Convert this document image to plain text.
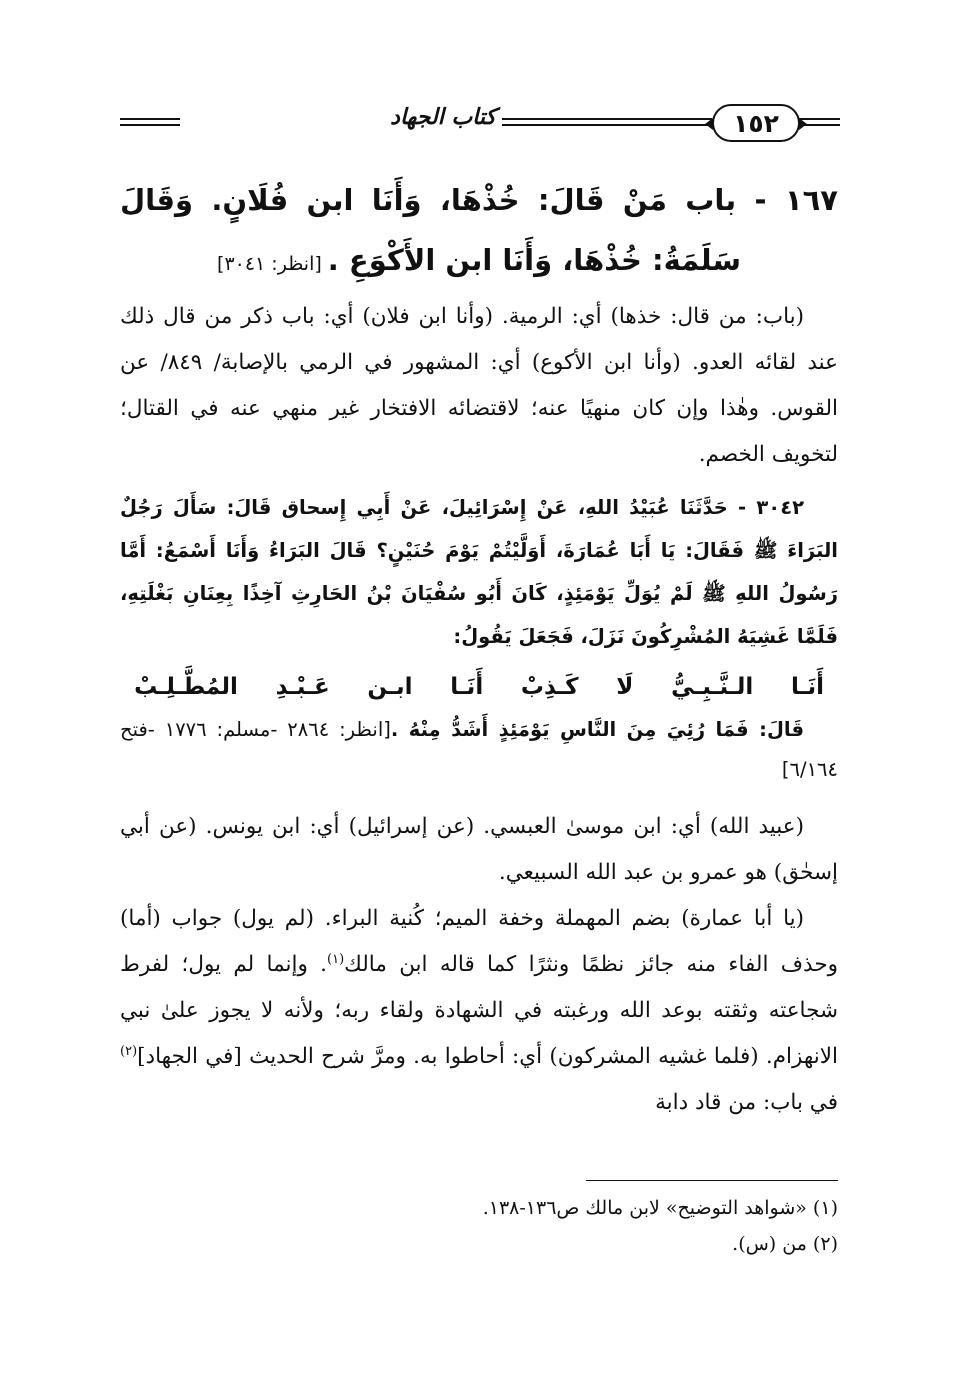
١٥٢
كتاب الجهاد

١٦٧ - باب مَنْ قَالَ: خُذْهَا، وَأَنَا ابن فُلَانٍ. وَقَالَ سَلَمَةُ: خُذْهَا، وَأَنَا ابن الأَكْوَعِ .[انظر: ٣٠٤١]

(باب: من قال: خذها) أي: الرمية. (وأنا ابن فلان) أي: باب ذكر من قال ذلك عند لقائه العدو. (وأنا ابن الأكوع) أي: المشهور في الرمي بالإصابة/ ٨٤٩/ عن القوس. وهٰذا وإن كان منهيًا عنه؛ لاقتضائه الافتخار غير منهي عنه في القتال؛ لتخويف الخصم.

٣٠٤٢ - حَدَّثَنَا عُبَيْدُ اللهِ، عَنْ إِسْرَائِيلَ، عَنْ أَبِي إِسحاق قَالَ: سَأَلَ رَجُلٌ البَرَاءَ ﷺ فَقَالَ: يَا أَبَا عُمَارَةَ، أَوَلَّيْتُمْ يَوْمَ حُنَيْنٍ؟ قَالَ البَرَاءُ وَأَنَا أَسْمَعُ: أَمَّا رَسُولُ اللهِ ﷺ لَمْ يُوَلِّ يَوْمَئِذٍ، كَانَ أَبُو سُفْيَانَ بْنُ الحَارِثِ آخِذًا بِعِنَانِ بَغْلَتِهِ، فَلَمَّا غَشِيَهُ المُشْرِكُونَ نَزَلَ، فَجَعَلَ يَقُولُ:

أَنَـا
الـنَّـبِـيُّ
لَا
كَـذِبْ
أَنَـا
ابـن
عَـبْـدِ
المُطَّـلِـبْ

قَالَ: فَمَا رُئِيَ مِنَ النَّاسِ يَوْمَئِذٍ أَشَدُّ مِنْهُ .[انظر: ٢٨٦٤ -مسلم: ١٧٧٦ -فتح ٦/١٦٤]

(عبيد الله) أي: ابن موسىٰ العبسي. (عن إسرائيل) أي: ابن يونس. (عن أبي إسحٰق) هو عمرو بن عبد الله السبيعي.

(يا أبا عمارة) بضم المهملة وخفة الميم؛ كُنية البراء. (لم يول) جواب (أما) وحذف الفاء منه جائز نظمًا ونثرًا كما قاله ابن مالك$^{(١)}$. وإنما لم يول؛ لفرط شجاعته وثقته بوعد الله ورغبته في الشهادة ولقاء ربه؛ ولأنه لا يجوز علىٰ نبي الانهزام. (فلما غشيه المشركون) أي: أحاطوا به. ومرَّ شرح الحديث [في الجهاد]$^{(٢)}$ في باب: من قاد دابة

(١) «شواهد التوضيح» لابن مالك ص١٣٦-١٣٨.
(٢) من (س).
